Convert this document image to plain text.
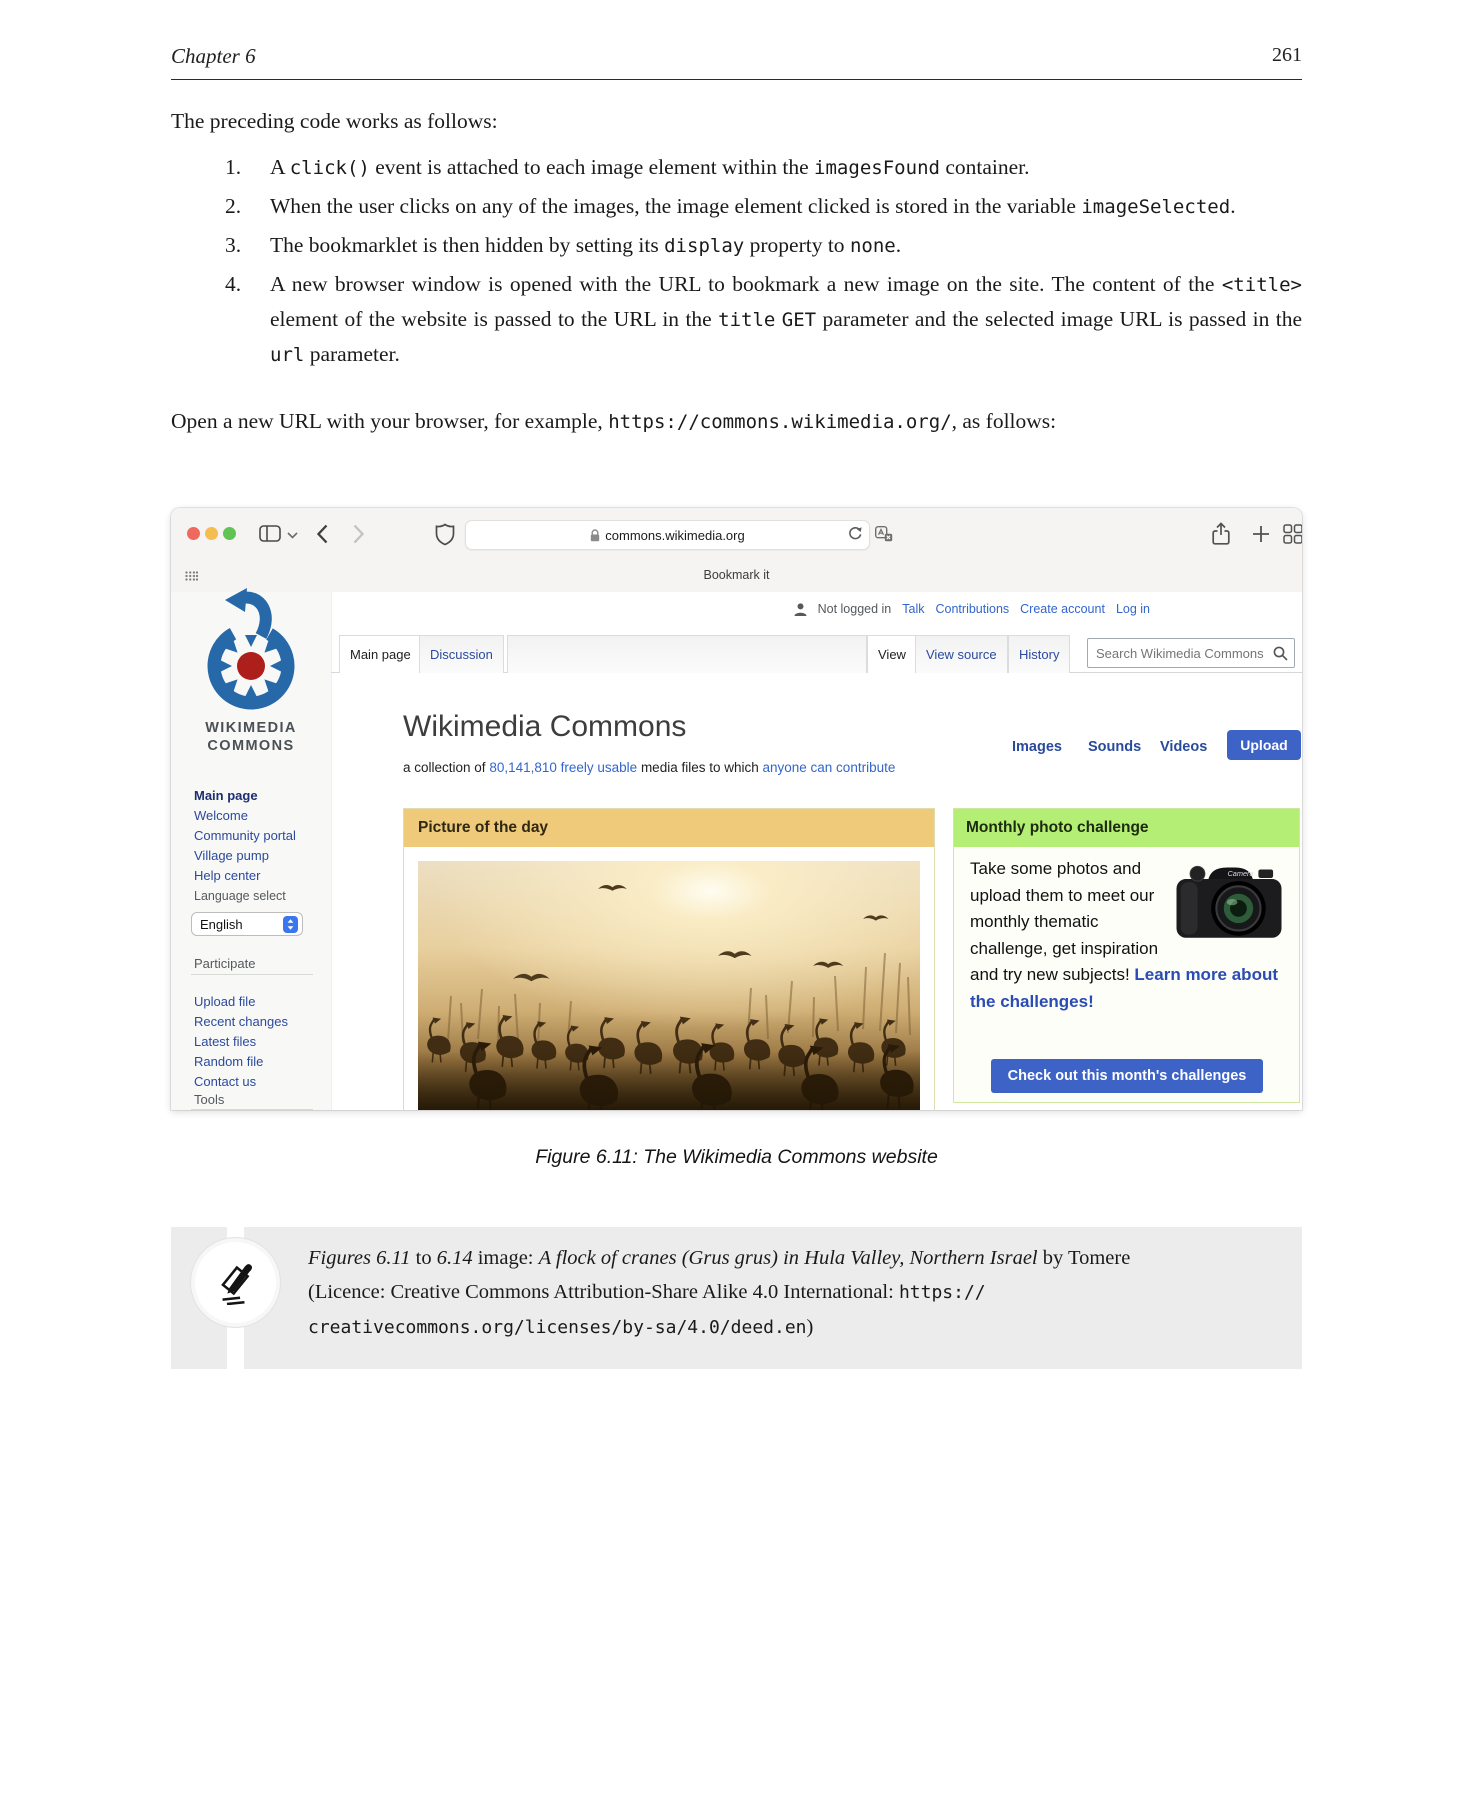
Chapter 6	261

The preceding code works as follows:

1.	A click() event is attached to each image element within the imagesFound container.
2.	When the user clicks on any of the images, the image element clicked is stored in the variable imageSelected.
3.	The bookmarklet is then hidden by setting its display property to none.
4.	A new browser window is opened with the URL to bookmark a new image on the site. The content of the <title> element of the website is passed to the URL in the title GET parameter and the selected image URL is passed in the url parameter.

Open a new URL with your browser, for example, https://commons.wikimedia.org/, as follows:

commons.wikimedia.org
Bookmark it
WIKIMEDIA
COMMONS
Main page
Welcome
Community portal
Village pump
Help center
Language select
English
Participate
Upload file
Recent changes
Latest files
Random file
Contact us
Tools
Not logged in Talk Contributions Create account Log in
Main page	Discussion	View	View source	History
Search Wikimedia Commons
Wikimedia Commons
a collection of 80,141,810 freely usable media files to which anyone can contribute
Images Sounds Videos	Upload
Picture of the day	Monthly photo challenge
Camera
Take some photos and upload them to meet our monthly thematic challenge, get inspiration and try new subjects! Learn more about the challenges!
Check out this month's challenges
Figure 6.11: The Wikimedia Commons website
Figures 6.11 to 6.14 image: A flock of cranes (Grus grus) in Hula Valley, Northern Israel by Tomere (Licence: Creative Commons Attribution-Share Alike 4.0 International: https://
creativecommons.org/licenses/by-sa/4.0/deed.en)
